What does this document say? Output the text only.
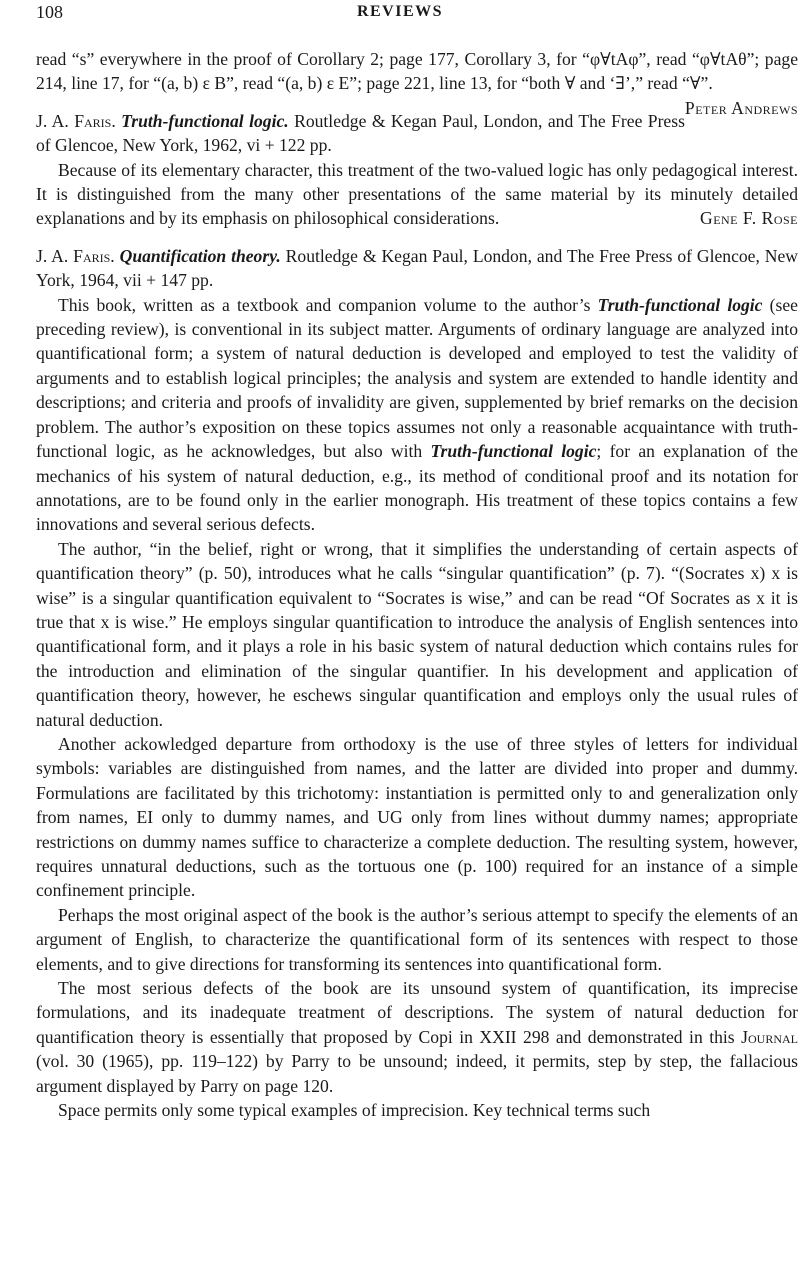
108	REVIEWS

read “s” everywhere in the proof of Corollary 2; page 177, Corollary 3, for “φ∀tAφ”, read “φ∀tAθ”; page 214, line 17, for “(a, b) ε B”, read “(a, b) ε E”; page 221, line 13, for “both ∀ and ‘∃’,” read “∀”.
Peter Andrews

J. A. Faris. Truth-functional logic. Routledge & Kegan Paul, London, and The Free Press of Glencoe, New York, 1962, vi + 122 pp.

Because of its elementary character, this treatment of the two-valued logic has only pedagogical interest. It is distinguished from the many other presentations of the same material by its minutely detailed explanations and by its emphasis on philosophical considerations.	Gene F. Rose

J. A. Faris. Quantification theory. Routledge & Kegan Paul, London, and The Free Press of Glencoe, New York, 1964, vii + 147 pp.

This book, written as a textbook and companion volume to the author’s Truth-functional logic (see preceding review), is conventional in its subject matter. Arguments of ordinary language are analyzed into quantificational form; a system of natural deduction is developed and employed to test the validity of arguments and to establish logical principles; the analysis and system are extended to handle identity and descriptions; and criteria and proofs of invalidity are given, supplemented by brief remarks on the decision problem. The author’s exposition on these topics assumes not only a reasonable acquaintance with truth-functional logic, as he acknowledges, but also with Truth-functional logic; for an explanation of the mechanics of his system of natural deduction, e.g., its method of conditional proof and its notation for annotations, are to be found only in the earlier monograph. His treatment of these topics contains a few innovations and several serious defects.

The author, “in the belief, right or wrong, that it simplifies the understanding of certain aspects of quantification theory” (p. 50), introduces what he calls “singular quantification” (p. 7). “(Socrates x) x is wise” is a singular quantification equivalent to “Socrates is wise,” and can be read “Of Socrates as x it is true that x is wise.” He employs singular quantification to introduce the analysis of English sentences into quantificational form, and it plays a role in his basic system of natural deduction which contains rules for the introduction and elimination of the singular quantifier. In his development and application of quantification theory, however, he eschews singular quantification and employs only the usual rules of natural deduction.

Another ackowledged departure from orthodoxy is the use of three styles of letters for individual symbols: variables are distinguished from names, and the latter are divided into proper and dummy. Formulations are facilitated by this trichotomy: instantiation is permitted only to and generalization only from names, EI only to dummy names, and UG only from lines without dummy names; appropriate restrictions on dummy names suffice to characterize a complete deduction. The resulting system, however, requires unnatural deductions, such as the tortuous one (p. 100) required for an instance of a simple confinement principle.

Perhaps the most original aspect of the book is the author’s serious attempt to specify the elements of an argument of English, to characterize the quantificational form of its sentences with respect to those elements, and to give directions for transforming its sentences into quantificational form.

The most serious defects of the book are its unsound system of quantification, its imprecise formulations, and its inadequate treatment of descriptions. The system of natural deduction for quantification theory is essentially that proposed by Copi in XXII 298 and demonstrated in this Journal (vol. 30 (1965), pp. 119–122) by Parry to be unsound; indeed, it permits, step by step, the fallacious argument displayed by Parry on page 120.

Space permits only some typical examples of imprecision. Key technical terms such
